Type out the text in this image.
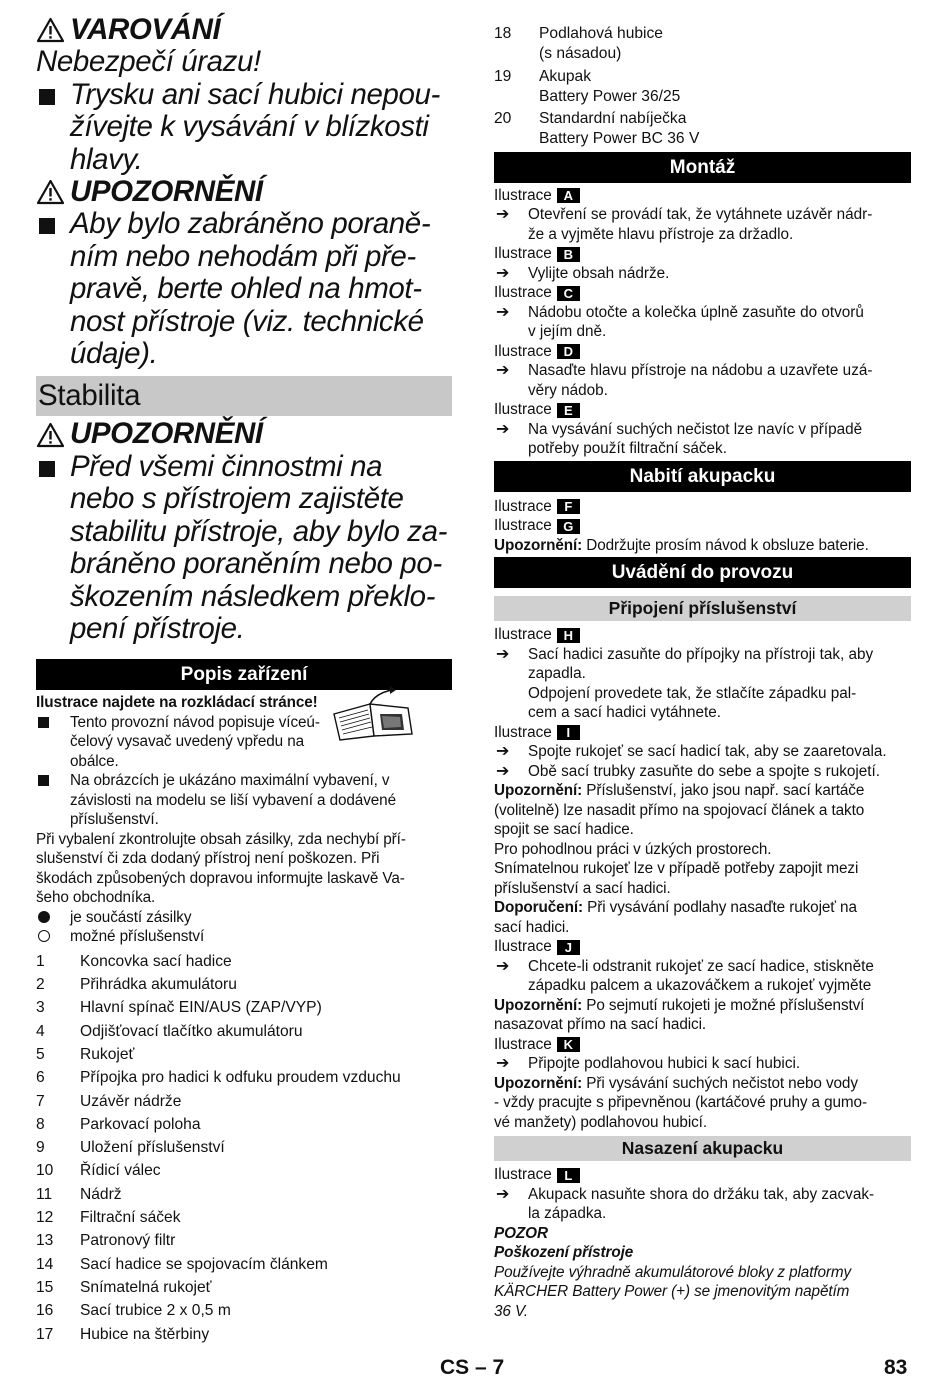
VAROVÁNÍ
Nebezpečí úrazu!
Trysku ani sací hubici nepou-
žívejte k vysávání v blízkosti
hlavy.
UPOZORNĚNÍ
Aby bylo zabráněno poraně-
ním nebo nehodám při pře-
pravě, berte ohled na hmot-
nost přístroje (viz. technické
údaje).
Stabilita
UPOZORNĚNÍ
Před všemi činnostmi na
nebo s přístrojem zajistěte
stabilitu přístroje, aby bylo za-
bráněno poraněním nebo po-
škozením následkem překlo-
pení přístroje.
Popis zařízení
Ilustrace najdete na rozkládací stránce!
Tento provozní návod popisuje víceú-
čelový vysavač uvedený vpředu na
obálce.
Na obrázcích je ukázáno maximální vybavení, v
závislosti na modelu se liší vybavení a dodávené
příslušenství.
Při vybalení zkontrolujte obsah zásilky, zda nechybí pří-
slušenství či zda dodaný přístroj není poškozen. Při
škodách způsobených dopravou informujte laskavě Va-
šeho obchodníka.
je součástí zásilky
možné příslušenství
1	Koncovka sací hadice
2	Přihrádka akumulátoru
3	Hlavní spínač EIN/AUS (ZAP/VYP)
4	Odjišťovací tlačítko akumulátoru
5	Rukojeť
6	Přípojka pro hadici k odfuku proudem vzduchu
7	Uzávěr nádrže
8	Parkovací poloha
9	Uložení příslušenství
10	Řídicí válec
11	Nádrž
12	Filtrační sáček
13	Patronový filtr
14	Sací hadice se spojovacím článkem
15	Snímatelná rukojeť
16	Sací trubice 2 x 0,5 m
17	Hubice na štěrbiny
18	Podlahová hubice
(s násadou)
19	Akupak
Battery Power 36/25
20	Standardní nabíječka
Battery Power BC 36 V
Montáž
Ilustrace A
➔ Otevření se provádí tak, že vytáhnete uzávěr nádr-
že a vyjměte hlavu přístroje za držadlo.
Ilustrace B
➔ Vylijte obsah nádrže.
Ilustrace C
➔ Nádobu otočte a kolečka úplně zasuňte do otvorů
v jejím dně.
Ilustrace D
➔ Nasaďte hlavu přístroje na nádobu a uzavřete uzá-
věry nádob.
Ilustrace E
➔ Na vysávání suchých nečistot lze navíc v případě
potřeby použít filtrační sáček.
Nabití akupacku
Ilustrace F
Ilustrace G
Upozornění: Dodržujte prosím návod k obsluze baterie.
Uvádění do provozu
Připojení příslušenství
Ilustrace H
➔ Sací hadici zasuňte do přípojky na přístroji tak, aby
zapadla.
Odpojení provedete tak, že stlačíte západku pal-
cem a sací hadici vytáhnete.
Ilustrace	I
➔ Spojte rukojeť se sací hadicí tak, aby se zaaretovala.
➔ Obě sací trubky zasuňte do sebe a spojte s rukojetí.
Upozornění: Příslušenství, jako jsou např. sací kartáče
(volitelně) lze nasadit přímo na spojovací článek a takto
spojit se sací hadice.
Pro pohodlnou práci v úzkých prostorech.
Snímatelnou rukojeť lze v případě potřeby zapojit mezi
příslušenství a sací hadici.
Doporučení: Při vysávání podlahy nasaďte rukojeť na
sací hadici.
Ilustrace J
➔ Chcete-li odstranit rukojeť ze sací hadice, stiskněte
západku palcem a ukazováčkem a rukojeť vyjměte
Upozornění: Po sejmutí rukojeti je možné příslušenství
nasazovat přímo na sací hadici.
Ilustrace K
➔ Připojte podlahovou hubici k sací hubici.
Upozornění: Při vysávání suchých nečistot nebo vody
- vždy pracujte s připevněnou (kartáčové pruhy a gumo-
vé manžety) podlahovou hubicí.
Nasazení akupacku
Ilustrace L
➔ Akupack nasuňte shora do držáku tak, aby zacvak-
la západka.
POZOR
Poškození přístroje
Používejte výhradně akumulátorové bloky z platformy
KÄRCHER Battery Power (+) se jmenovitým napětím
36 V.
CS – 7	83
